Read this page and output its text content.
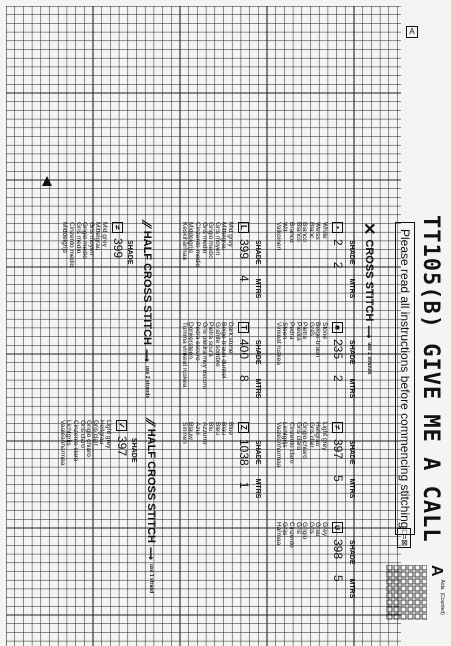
A
TT105(B) GIVE ME A CALL
Please read all instructions before commencing stitching
□=⊠
A
Aida
(Counted)
✕
CROSS STITCH
⟿
use 2 strands
SHADE
MTRS
•
2
2
White
Weiss
Blanc
Bianco
Blanco
Branco
Wit
Valkoinen
SHADE
MTRS
■
235
2
Stone
Beige-braun
Grès
Pietra
Piedra
Pedra
Steen
Vinkeat ruskea
SHADE
MTRS
≠
397
5
Light grey
Hellgrau
Gris clair
Grigio chiaro
Gris claro
Cinzento claro
Lichtgrijs
Vaaleanharmaa
SHADE
MTRS
∪
398
5
Grey
Grau
Gris
Grigio
Gris
Cinzento
Grijs
Harmaa
SHADE
MTRS
L
399
4
Mid grey
Mittelgrau
Gris moyen
Grigio medio
Gris medio
Cinzento medio
Middelgrijs
Keskiharmaa
SHADE
MTRS
T
400
8
Dark stone
Beige-braun dunkel
Granite sombre
Pietra scura
Gris piedra muy oscuro
Pedra escuro
Donkersteen
Tumma vinkeat ruskea
SHADE
MTRS
Z
1038
1
Blue
Blau
Bleu
Blu
Azzurro
Azul
Blauw
Sininen
∕∕
HALF CROSS STITCH
⟿
use 2 strands
SHADE
≠
399
Mid grey
Mittelgrau
Gris moyen
Grigio medio
Gris medio
Cinzento medio
Middelgrijs
∕∕
HALF CROSS STITCH
⟿
use 1 strand
SHADE
✓
397
Light grey
Hellgrau
Gris clair
Grigio chiaro
Gris claro
Cinzento claro
Lichtgrijs
Vaaleanharmaa
